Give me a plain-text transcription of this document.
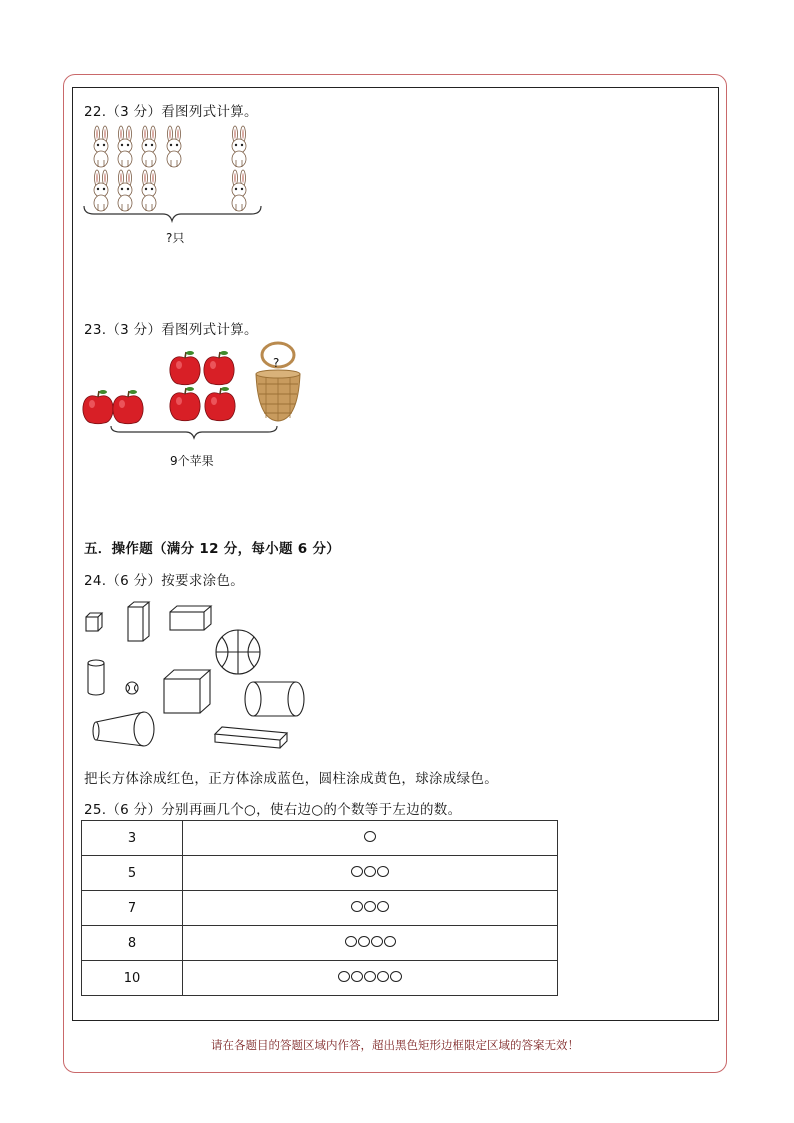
22.（3 分）看图列式计算。
?只
23.（3 分）看图列式计算。
?
9个苹果
五．操作题（满分 12 分，每小题 6 分）
24.（6 分）按要求涂色。
把长方体涂成红色，正方体涂成蓝色，圆柱涂成黄色，球涂成绿色。
25.（6 分）分别再画几个○，使右边○的个数等于左边的数。
3	

5	

7	

8	

10	
请在各题目的答题区域内作答，超出黑色矩形边框限定区域的答案无效！
